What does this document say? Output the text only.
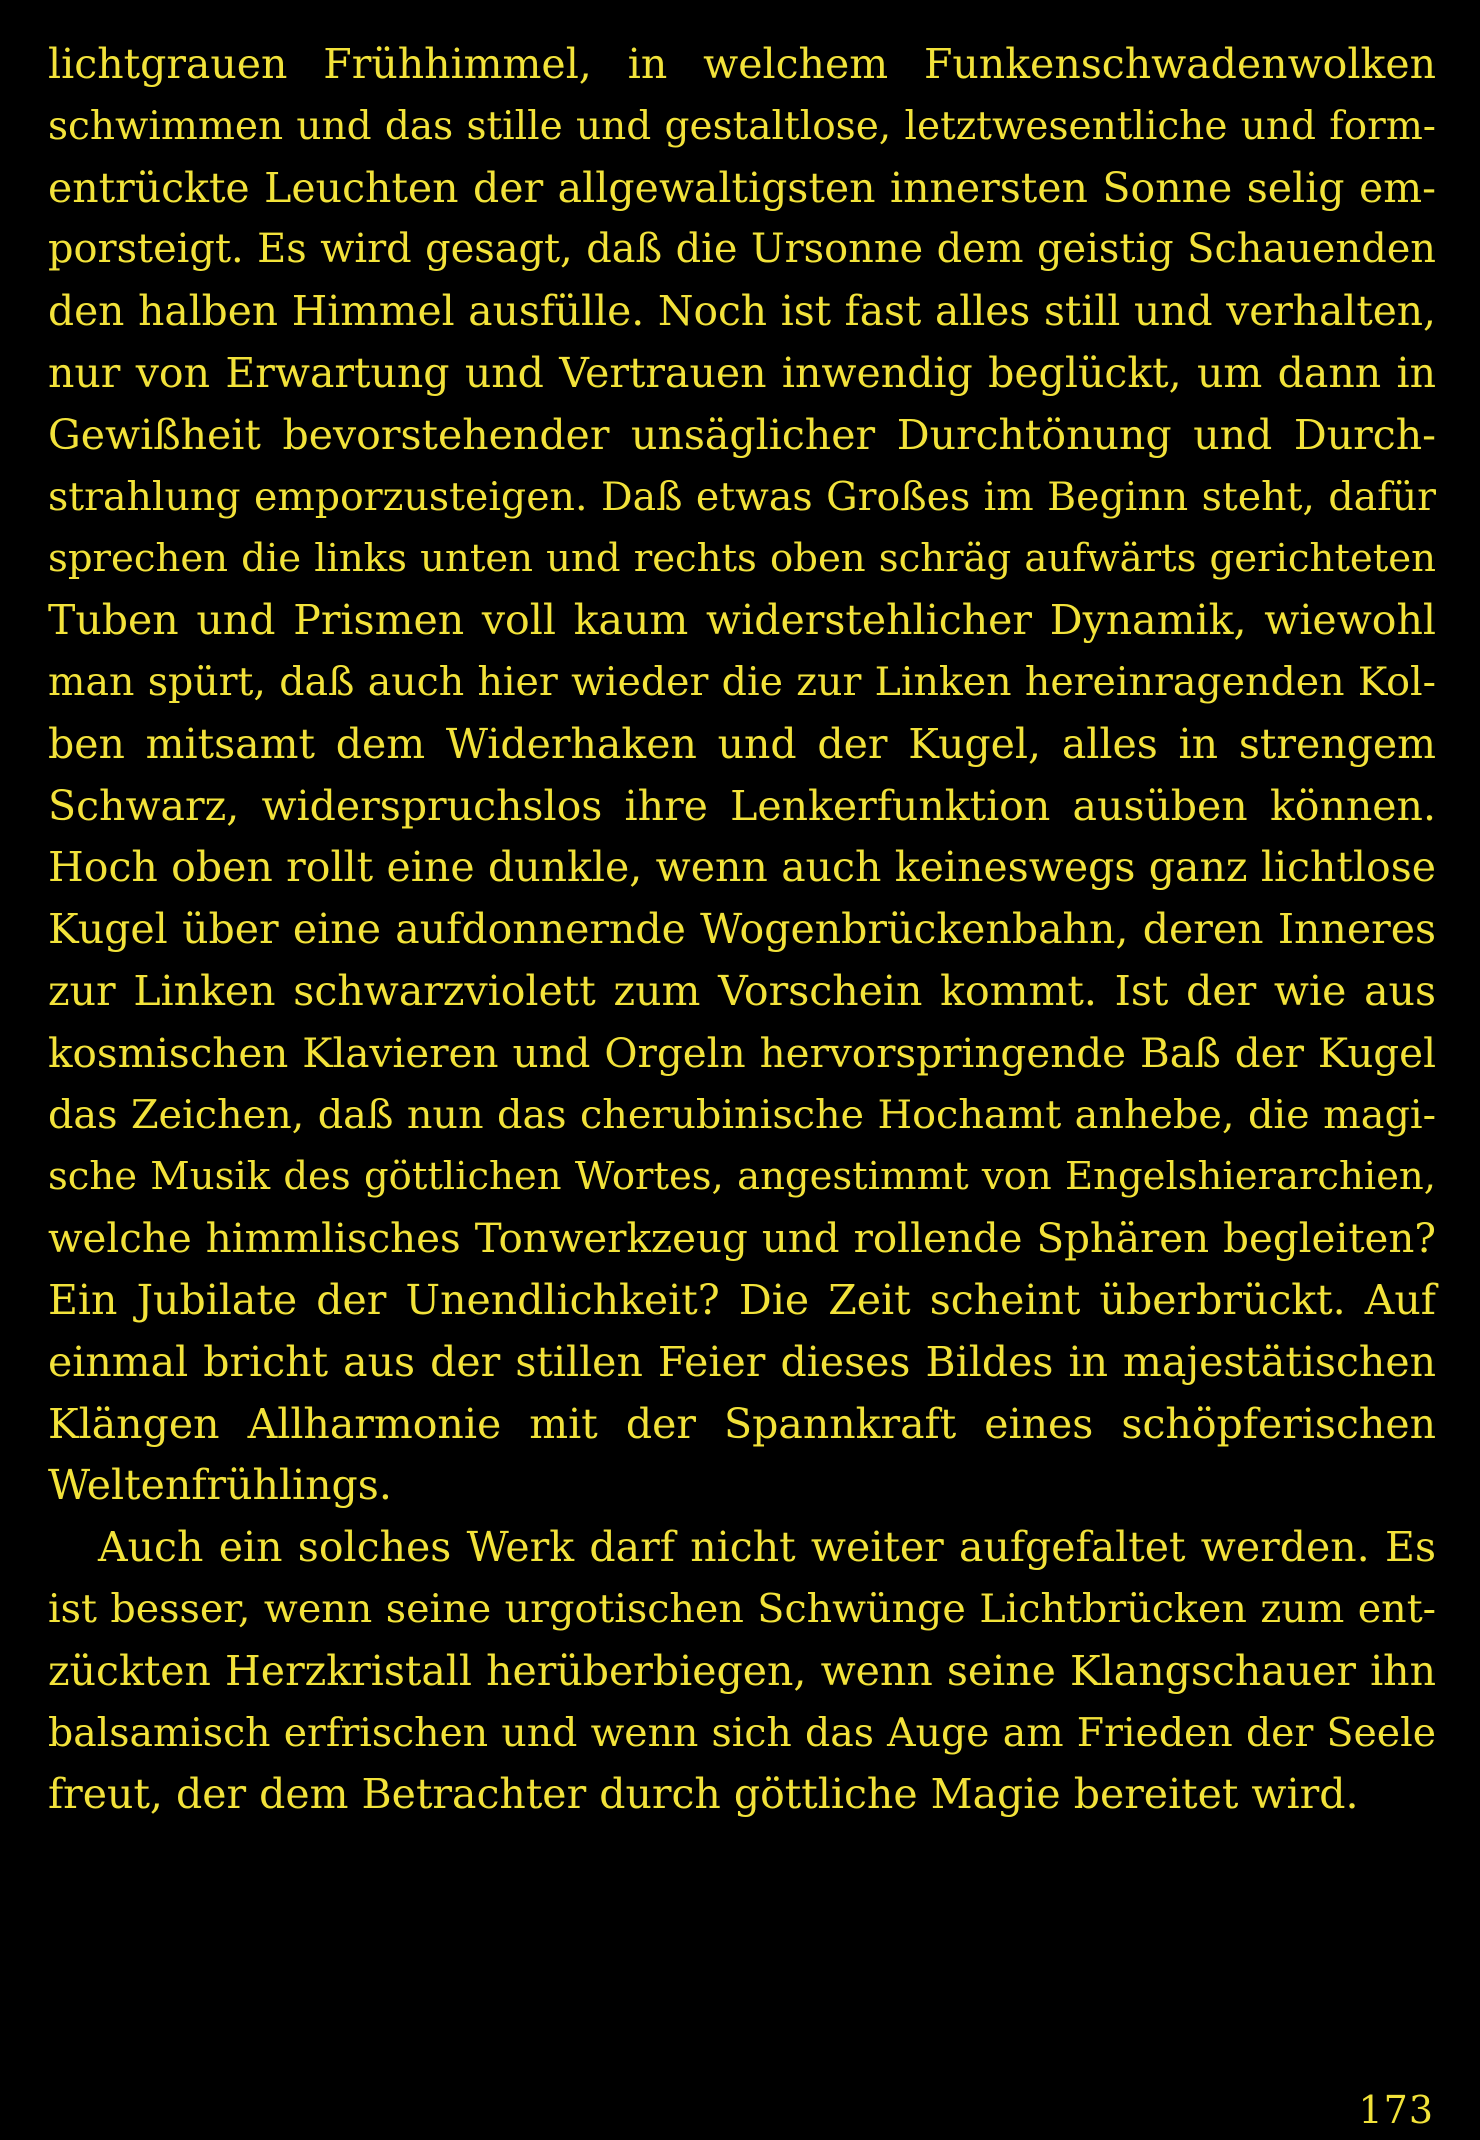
lichtgrauen Frühhimmel, in welchem Funkenschwadenwolken
schwimmen und das stille und gestaltlose, letztwesentliche und form-
entrückte Leuchten der allgewaltigsten innersten Sonne selig em-
porsteigt. Es wird gesagt, daß die Ursonne dem geistig Schauenden
den halben Himmel ausfülle. Noch ist fast alles still und verhalten,
nur von Erwartung und Vertrauen inwendig beglückt, um dann in
Gewißheit bevorstehender unsäglicher Durchtönung und Durch-
strahlung emporzusteigen. Daß etwas Großes im Beginn steht, dafür
sprechen die links unten und rechts oben schräg aufwärts gerichteten
Tuben und Prismen voll kaum widerstehlicher Dynamik, wiewohl
man spürt, daß auch hier wieder die zur Linken hereinragenden Kol-
ben mitsamt dem Widerhaken und der Kugel, alles in strengem
Schwarz, widerspruchslos ihre Lenkerfunktion ausüben können.
Hoch oben rollt eine dunkle, wenn auch keineswegs ganz lichtlose
Kugel über eine aufdonnernde Wogenbrückenbahn, deren Inneres
zur Linken schwarzviolett zum Vorschein kommt. Ist der wie aus
kosmischen Klavieren und Orgeln hervorspringende Baß der Kugel
das Zeichen, daß nun das cherubinische Hochamt anhebe, die magi-
sche Musik des göttlichen Wortes, angestimmt von Engelshierarchien,
welche himmlisches Tonwerkzeug und rollende Sphären begleiten?
Ein Jubilate der Unendlichkeit? Die Zeit scheint überbrückt. Auf
einmal bricht aus der stillen Feier dieses Bildes in majestätischen
Klängen Allharmonie mit der Spannkraft eines schöpferischen
Weltenfrühlings.
Auch ein solches Werk darf nicht weiter aufgefaltet werden. Es
ist besser, wenn seine urgotischen Schwünge Lichtbrücken zum ent-
zückten Herzkristall herüberbiegen, wenn seine Klangschauer ihn
balsamisch erfrischen und wenn sich das Auge am Frieden der Seele
freut, der dem Betrachter durch göttliche Magie bereitet wird.
173
